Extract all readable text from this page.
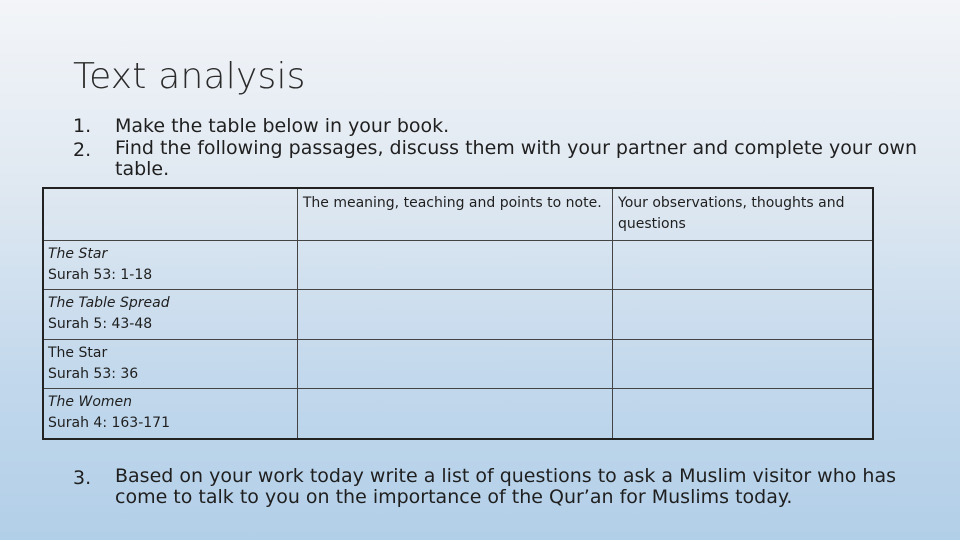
Text analysis
1.	Make the table below in your book.
2.	Find the following passages, discuss them with your partner and complete your own table.
	The meaning, teaching and points to note.	Your observations, thoughts and questions

The Star
Surah 53: 1-18		

The Table Spread
Surah 5: 43-48		

The Star
Surah 53: 36		

The Women
Surah 4: 163-171		

3.	Based on your work today write a list of questions to ask a Muslim visitor who has come to talk to you on the importance of the Qur’an for Muslims today.
